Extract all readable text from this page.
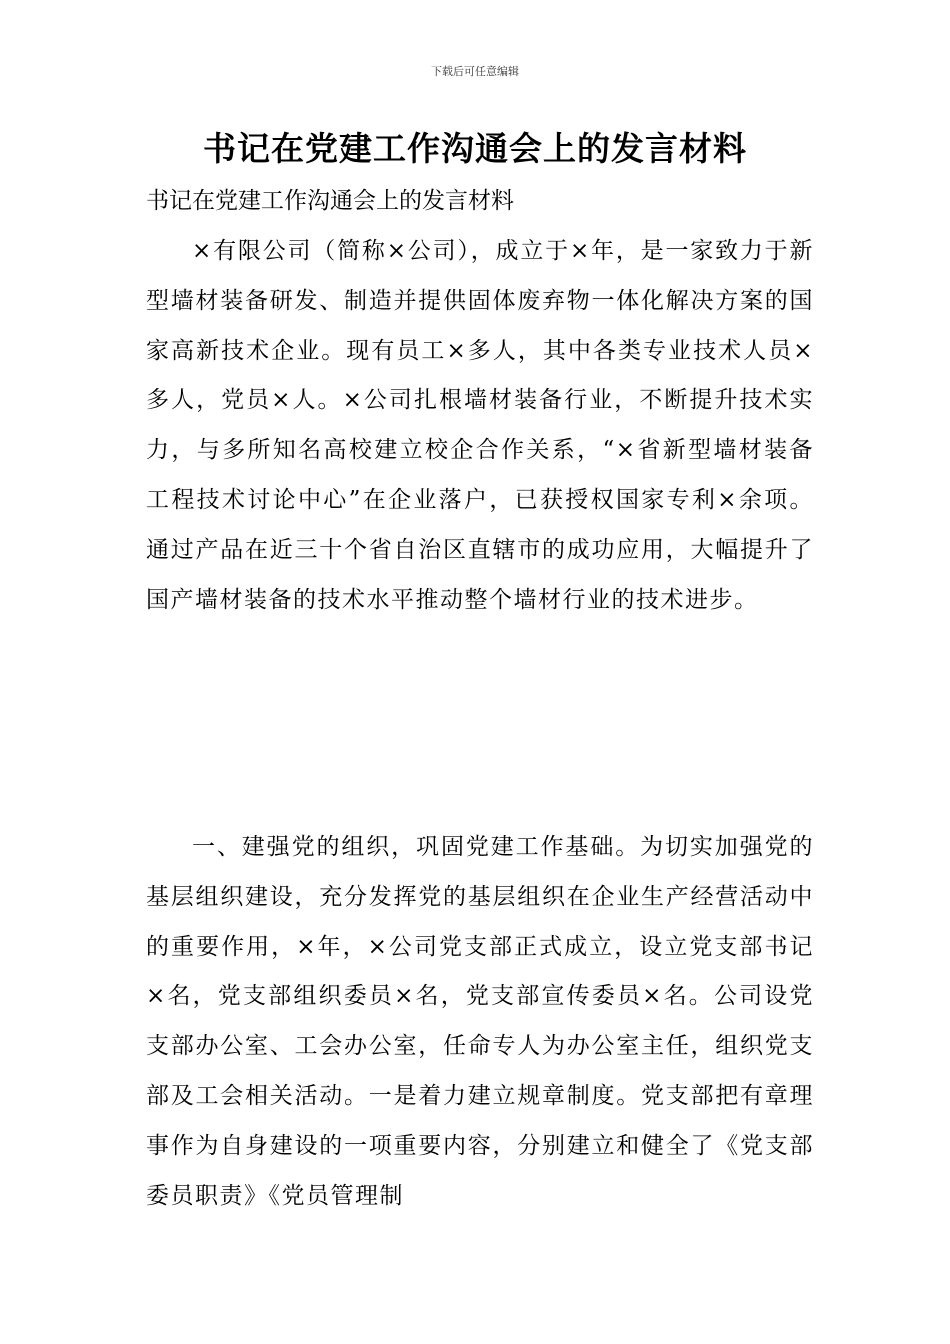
下载后可任意编辑
书记在党建工作沟通会上的发言材料

书记在党建工作沟通会上的发言材料

×有限公司（简称×公司），成立于×年，是一家致力于新型墙材装备研发、制造并提供固体废弃物一体化解决方案的国家高新技术企业。现有员工×多人，其中各类专业技术人员×多人，党员×人。×公司扎根墙材装备行业，不断提升技术实力，与多所知名高校建立校企合作关系，“×省新型墙材装备工程技术讨论中心”在企业落户，已获授权国家专利×余项。通过产品在近三十个省自治区直辖市的成功应用，大幅提升了国产墙材装备的技术水平推动整个墙材行业的技术进步。

一、建强党的组织，巩固党建工作基础。为切实加强党的基层组织建设，充分发挥党的基层组织在企业生产经营活动中的重要作用，×年，×公司党支部正式成立，设立党支部书记×名，党支部组织委员×名，党支部宣传委员×名。公司设党支部办公室、工会办公室，任命专人为办公室主任，组织党支部及工会相关活动。一是着力建立规章制度。党支部把有章理事作为自身建设的一项重要内容，分别建立和健全了《党支部委员职责》《党员管理制
